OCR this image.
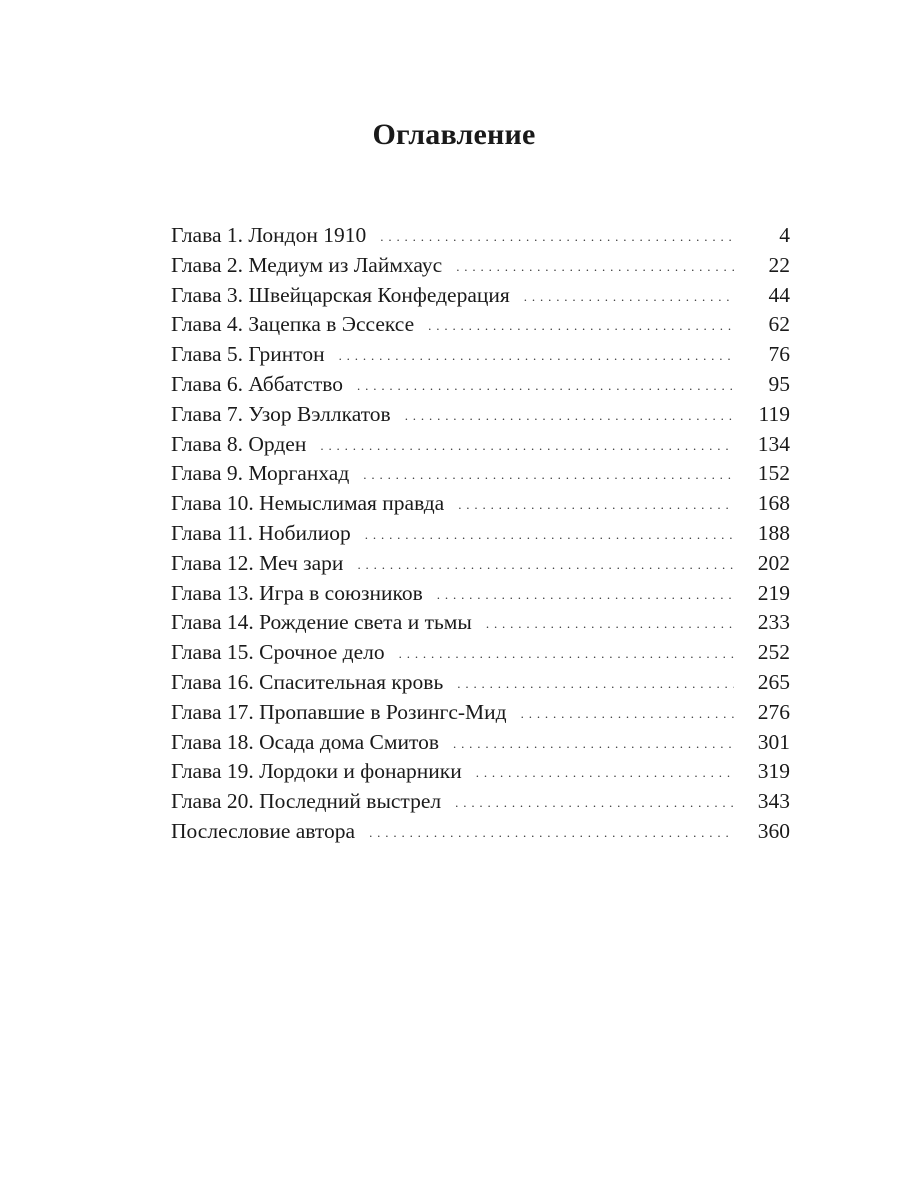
Оглавление
Глава 1. Лондон 1910 . . .	4
Глава 2. Медиум из Лаймхаус . . .	22
Глава 3. Швейцарская Конфедерация . . .	44
Глава 4. Зацепка в Эссексе . . .	62
Глава 5. Гринтон . . .	76
Глава 6. Аббатство . . .	95
Глава 7. Узор Вэллкатов . . .	119
Глава 8. Орден . . .	134
Глава 9. Морганхад . . .	152
Глава 10. Немыслимая правда . . .	168
Глава 11. Нобилиор . . .	188
Глава 12. Меч зари . . .	202
Глава 13. Игра в союзников . . .	219
Глава 14. Рождение света и тьмы . . .	233
Глава 15. Срочное дело . . .	252
Глава 16. Спасительная кровь . . .	265
Глава 17. Пропавшие в Розингс-Мид . . .	276
Глава 18. Осада дома Смитов . . .	301
Глава 19. Лордоки и фонарники . . .	319
Глава 20. Последний выстрел . . .	343
Послесловие автора . . .	360
